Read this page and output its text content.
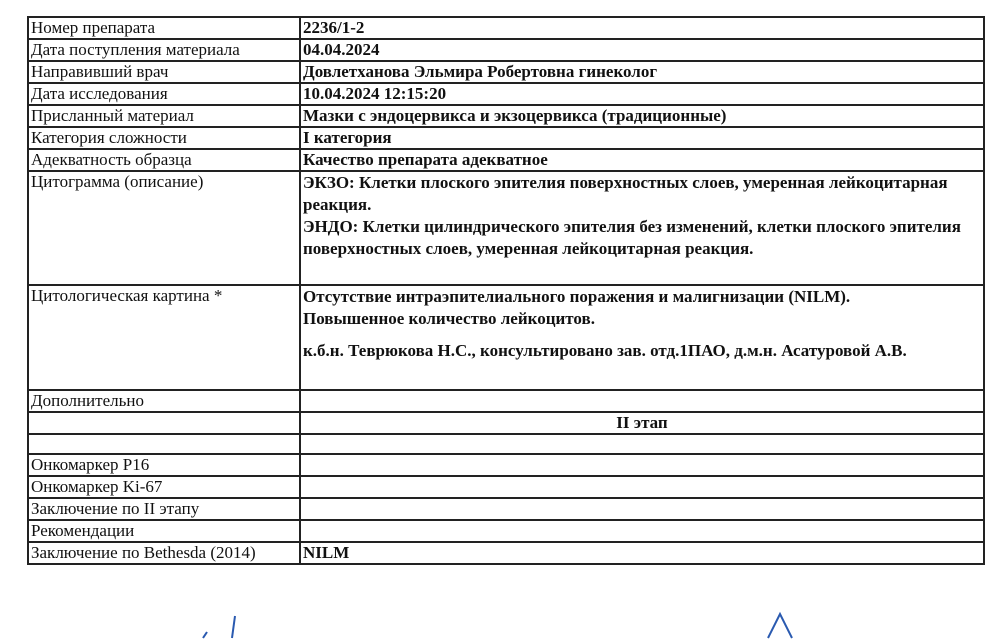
Номер препарата	2236/1-2
Дата поступления материала	04.04.2024
Направивший врач	Довлетханова Эльмира Робертовна гинеколог
Дата исследования	10.04.2024 12:15:20
Присланный материал	Мазки с эндоцервикса и экзоцервикса (традиционные)
Категория сложности	I категория
Адекватность образца	Качество препарата адекватное
Цитограмма (описание)	ЭКЗО: Клетки плоского эпителия поверхностных слоев, умеренная лейкоцитарная реакция.
ЭНДО: Клетки цилиндрического эпителия без изменений, клетки плоского эпителия поверхностных слоев, умеренная лейкоцитарная реакция.

Цитологическая картина *	Отсутствие интраэпителиального поражения и малигнизации (NILM).
Повышенное количество лейкоцитов.
к.б.н. Теврюкова Н.С., консультировано зав. отд.1ПАО, д.м.н. Асатуровой А.В.

Дополнительно	
	II этап

Онкомаркер P16	
Онкомаркер Ki-67	
Заключение по II этапу	
Рекомендации	
Заключение по Bethesda (2014)	NILM
